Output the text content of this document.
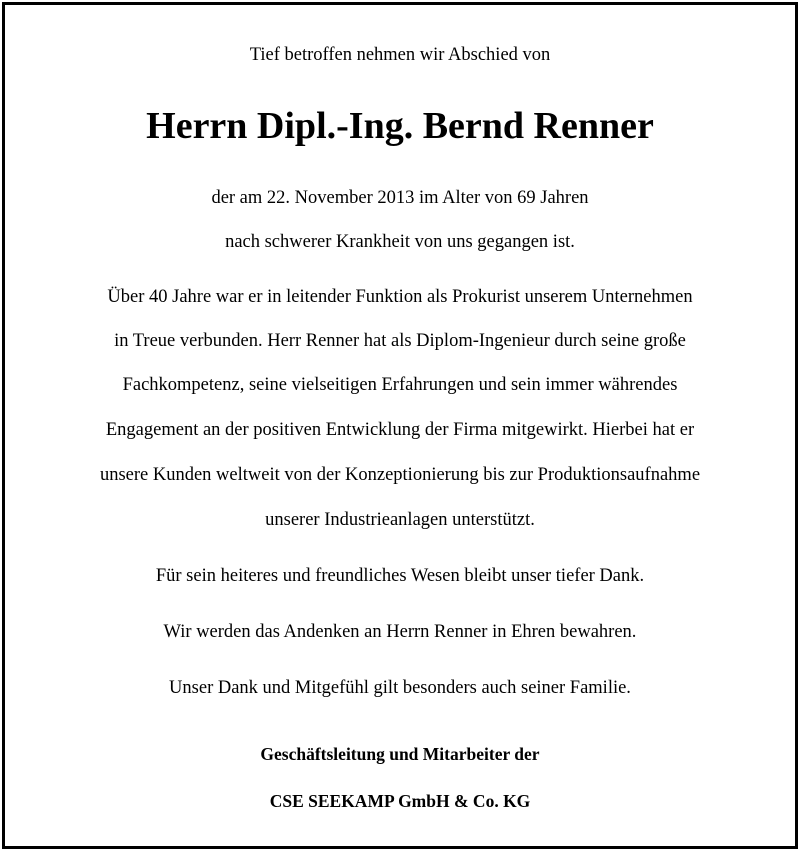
Tief betroffen nehmen wir Abschied von
Herrn Dipl.-Ing. Bernd Renner
der am 22. November 2013 im Alter von 69 Jahren
nach schwerer Krankheit von uns gegangen ist.
Über 40 Jahre war er in leitender Funktion als Prokurist unserem Unternehmen
in Treue verbunden. Herr Renner hat als Diplom-Ingenieur durch seine große
Fachkompetenz, seine vielseitigen Erfahrungen und sein immer währendes
Engagement an der positiven Entwicklung der Firma mitgewirkt. Hierbei hat er
unsere Kunden weltweit von der Konzeptionierung bis zur Produktionsaufnahme
unserer Industrieanlagen unterstützt.
Für sein heiteres und freundliches Wesen bleibt unser tiefer Dank.
Wir werden das Andenken an Herrn Renner in Ehren bewahren.
Unser Dank und Mitgefühl gilt besonders auch seiner Familie.
Geschäftsleitung und Mitarbeiter der
CSE SEEKAMP GmbH & Co. KG
